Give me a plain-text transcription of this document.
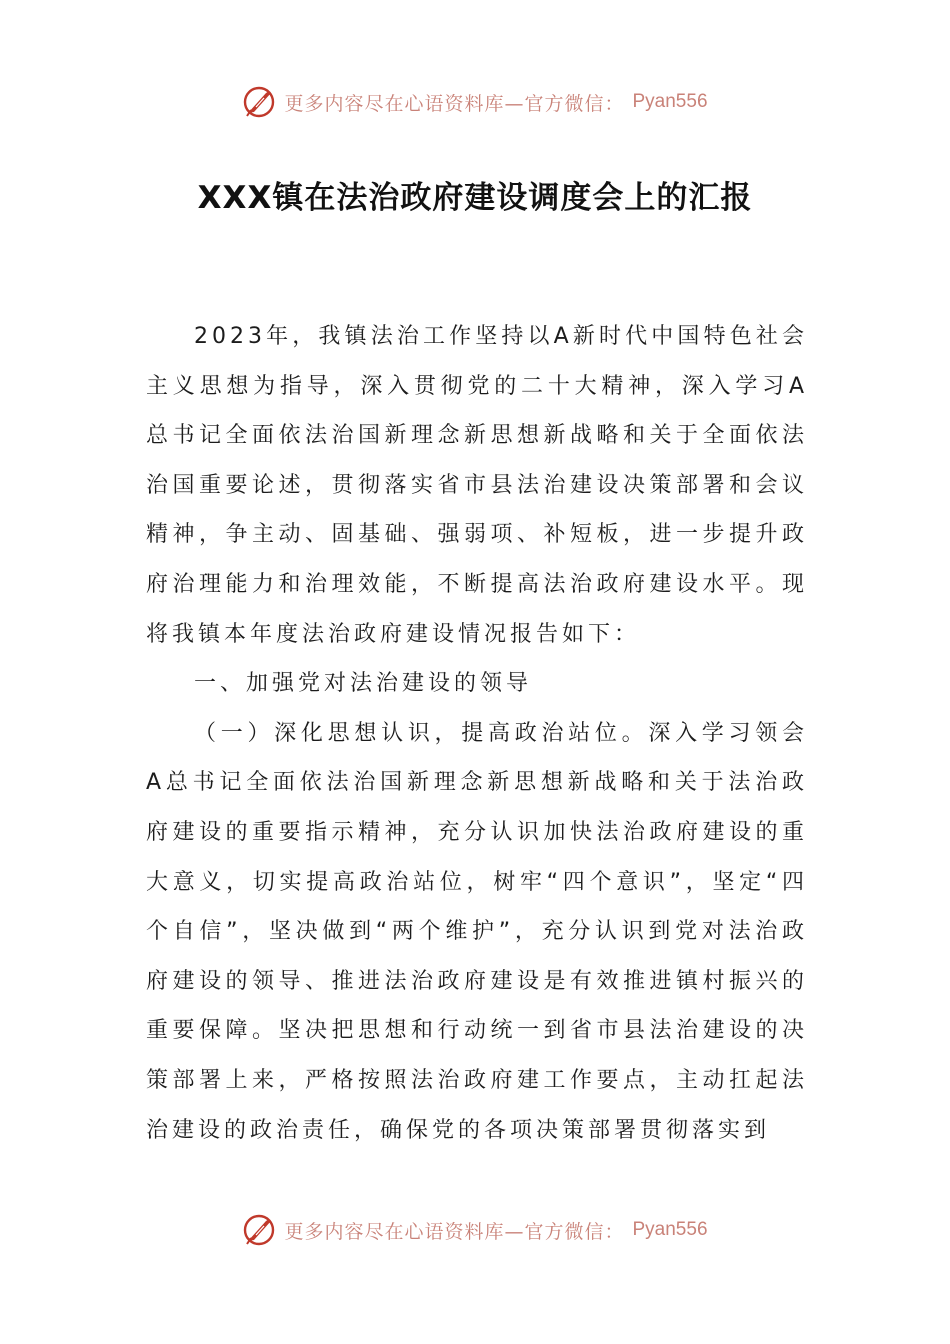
更多内容尽在心语资料库—官方微信： Pyan556
XXX镇在法治政府建设调度会上的汇报

2023年，我镇法治工作坚持以A新时代中国特色社会主义思想为指导，深入贯彻党的二十大精神，深入学习A总书记全面依法治国新理念新思想新战略和关于全面依法治国重要论述，贯彻落实省市县法治建设决策部署和会议精神，争主动、固基础、强弱项、补短板，进一步提升政府治理能力和治理效能，不断提高法治政府建设水平。现将我镇本年度法治政府建设情况报告如下：

一、加强党对法治建设的领导

（一）深化思想认识，提高政治站位。深入学习领会A总书记全面依法治国新理念新思想新战略和关于法治政府建设的重要指示精神，充分认识加快法治政府建设的重大意义，切实提高政治站位，树牢“四个意识”，坚定“四个自信”，坚决做到“两个维护”，充分认识到党对法治政府建设的领导、推进法治政府建设是有效推进镇村振兴的重要保障。坚决把思想和行动统一到省市县法治建设的决策部署上来，严格按照法治政府建工作要点，主动扛起法治建设的政治责任，确保党的各项决策部署贯彻落实到

更多内容尽在心语资料库—官方微信： Pyan556
